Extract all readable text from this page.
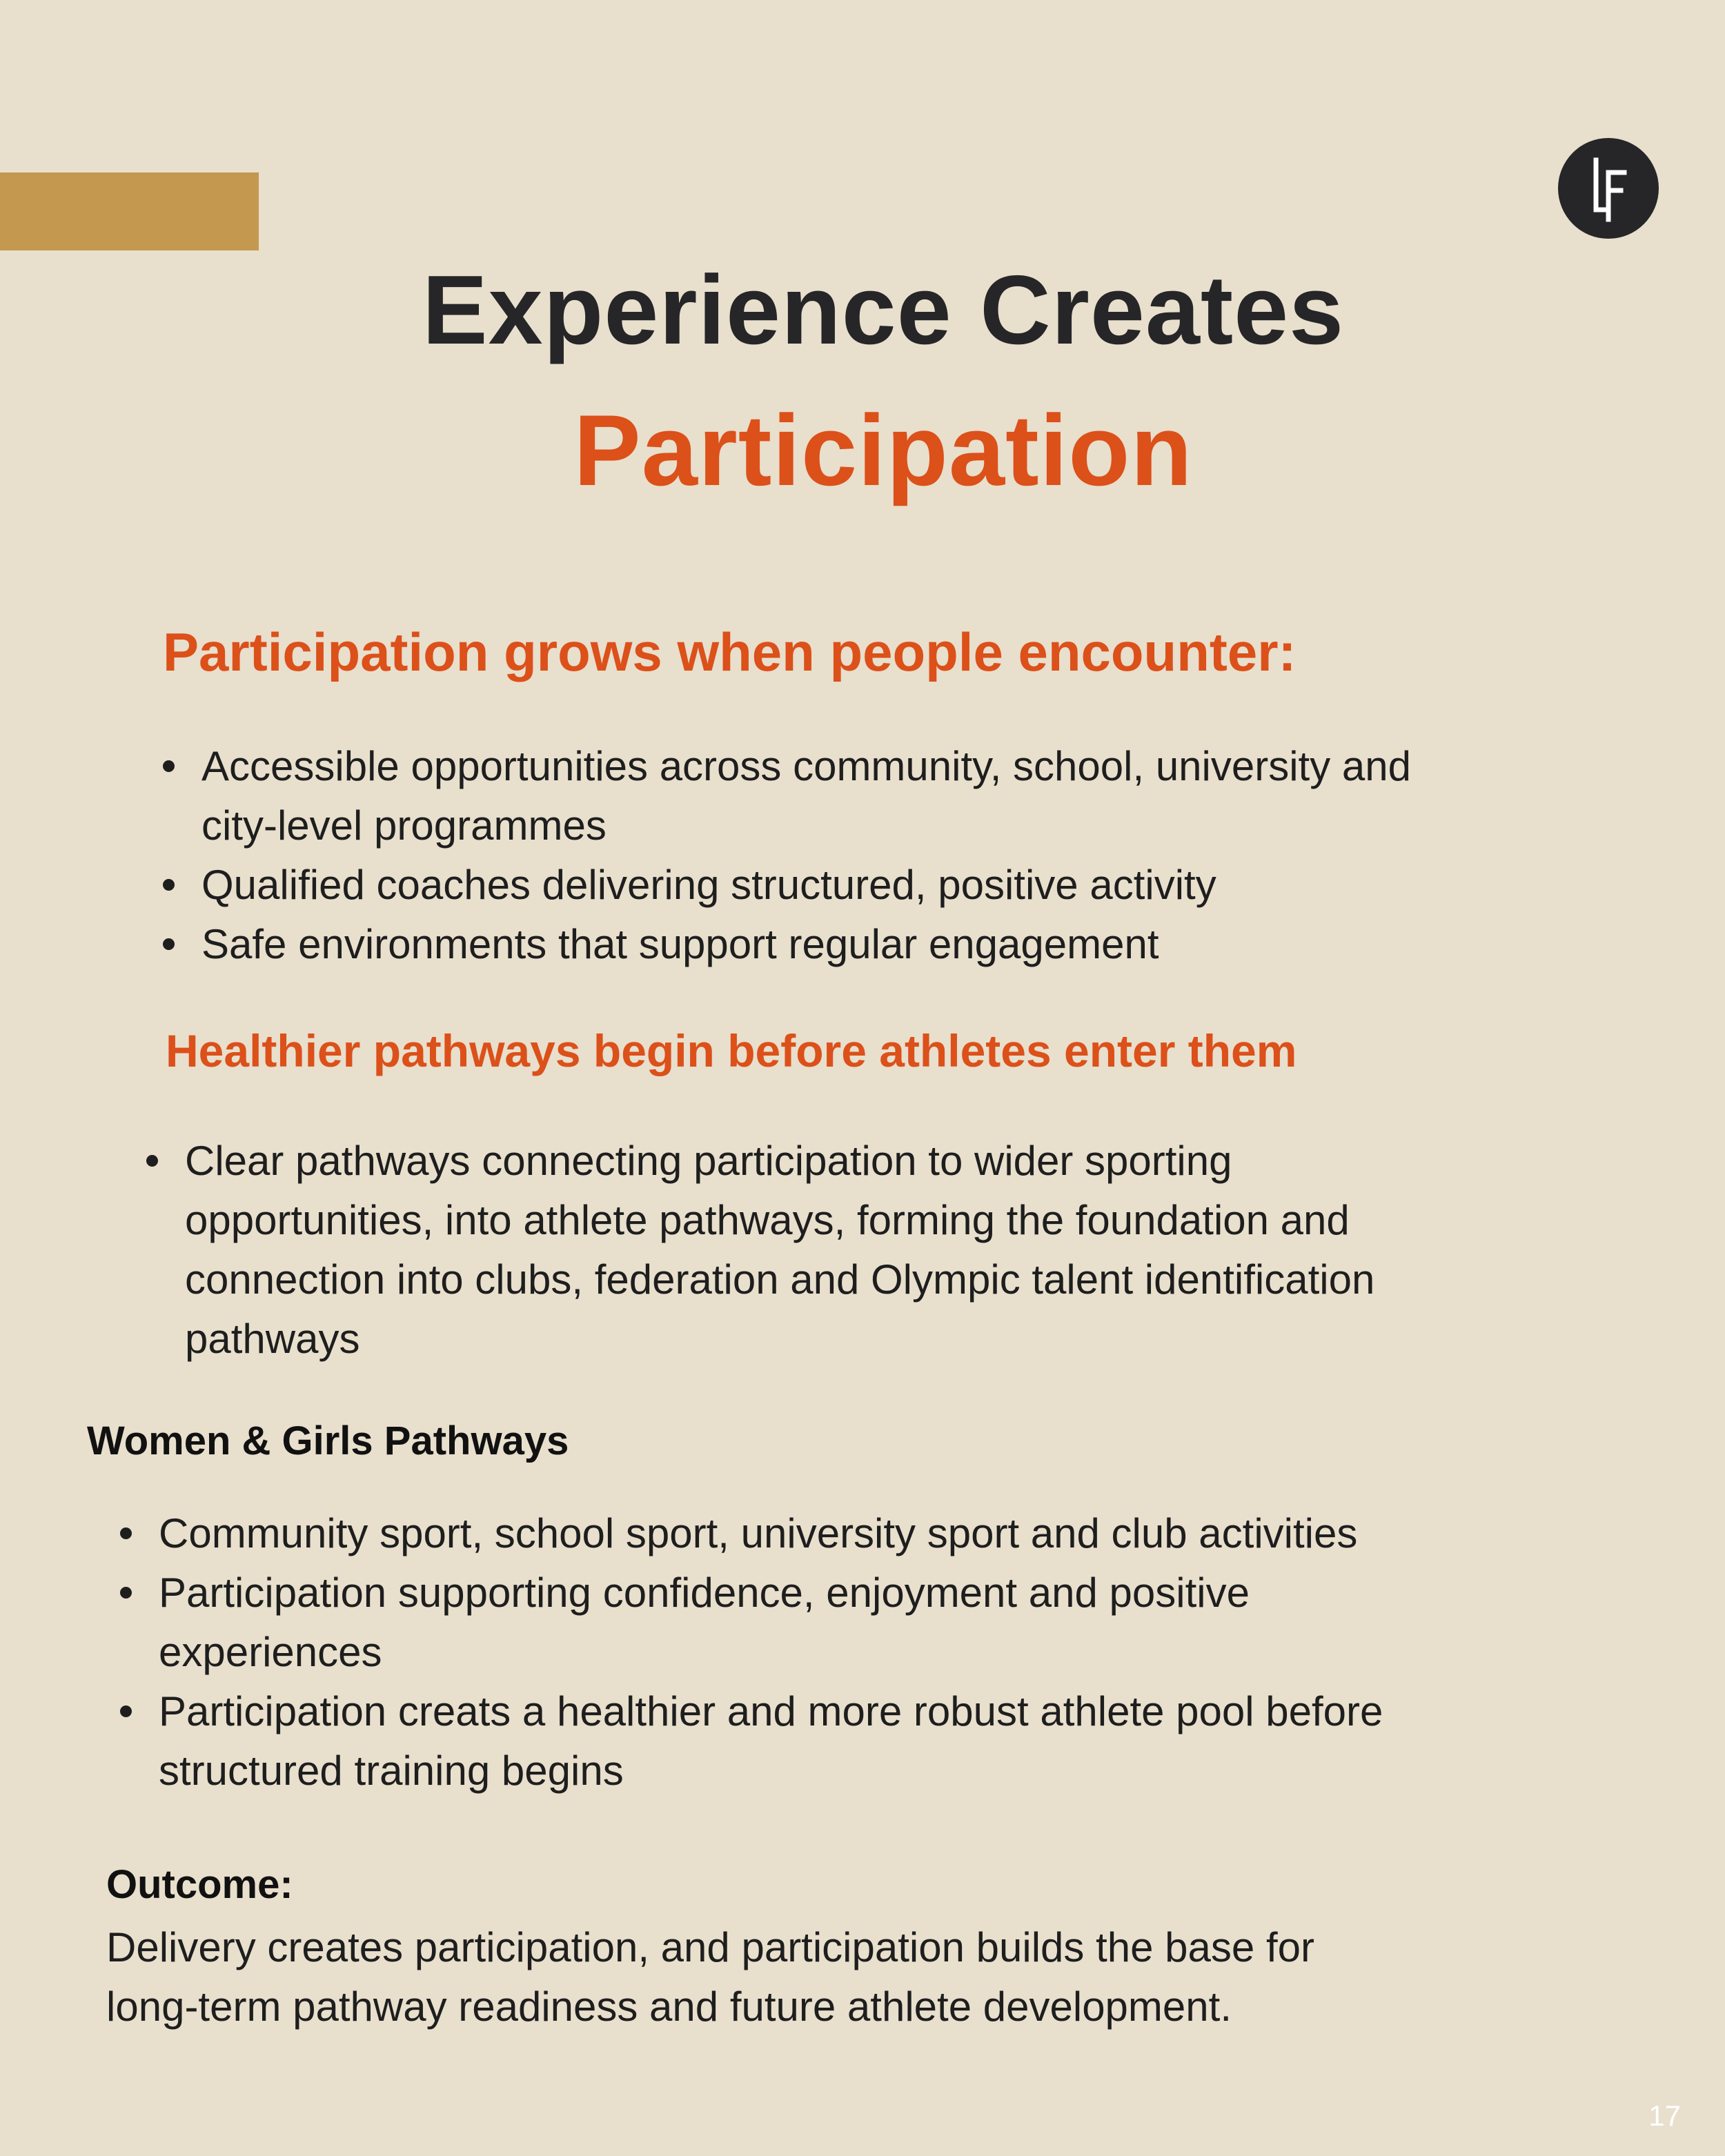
Experience Creates
Participation
Participation grows when people encounter:
Accessible opportunities across community, school, university and
city-level programmes
Qualified coaches delivering structured, positive activity
Safe environments that support regular engagement
Healthier pathways begin before athletes enter them
Clear pathways connecting participation to wider sporting
opportunities, into athlete pathways, forming the foundation and
connection into clubs, federation and Olympic talent identification
pathways
Women & Girls Pathways
Community sport, school sport, university sport and club activities
Participation supporting confidence, enjoyment and positive
experiences
Participation creats a healthier and more robust athlete pool before
structured training begins
Outcome:
Delivery creates participation, and participation builds the base for
long-term pathway readiness and future athlete development.
17
